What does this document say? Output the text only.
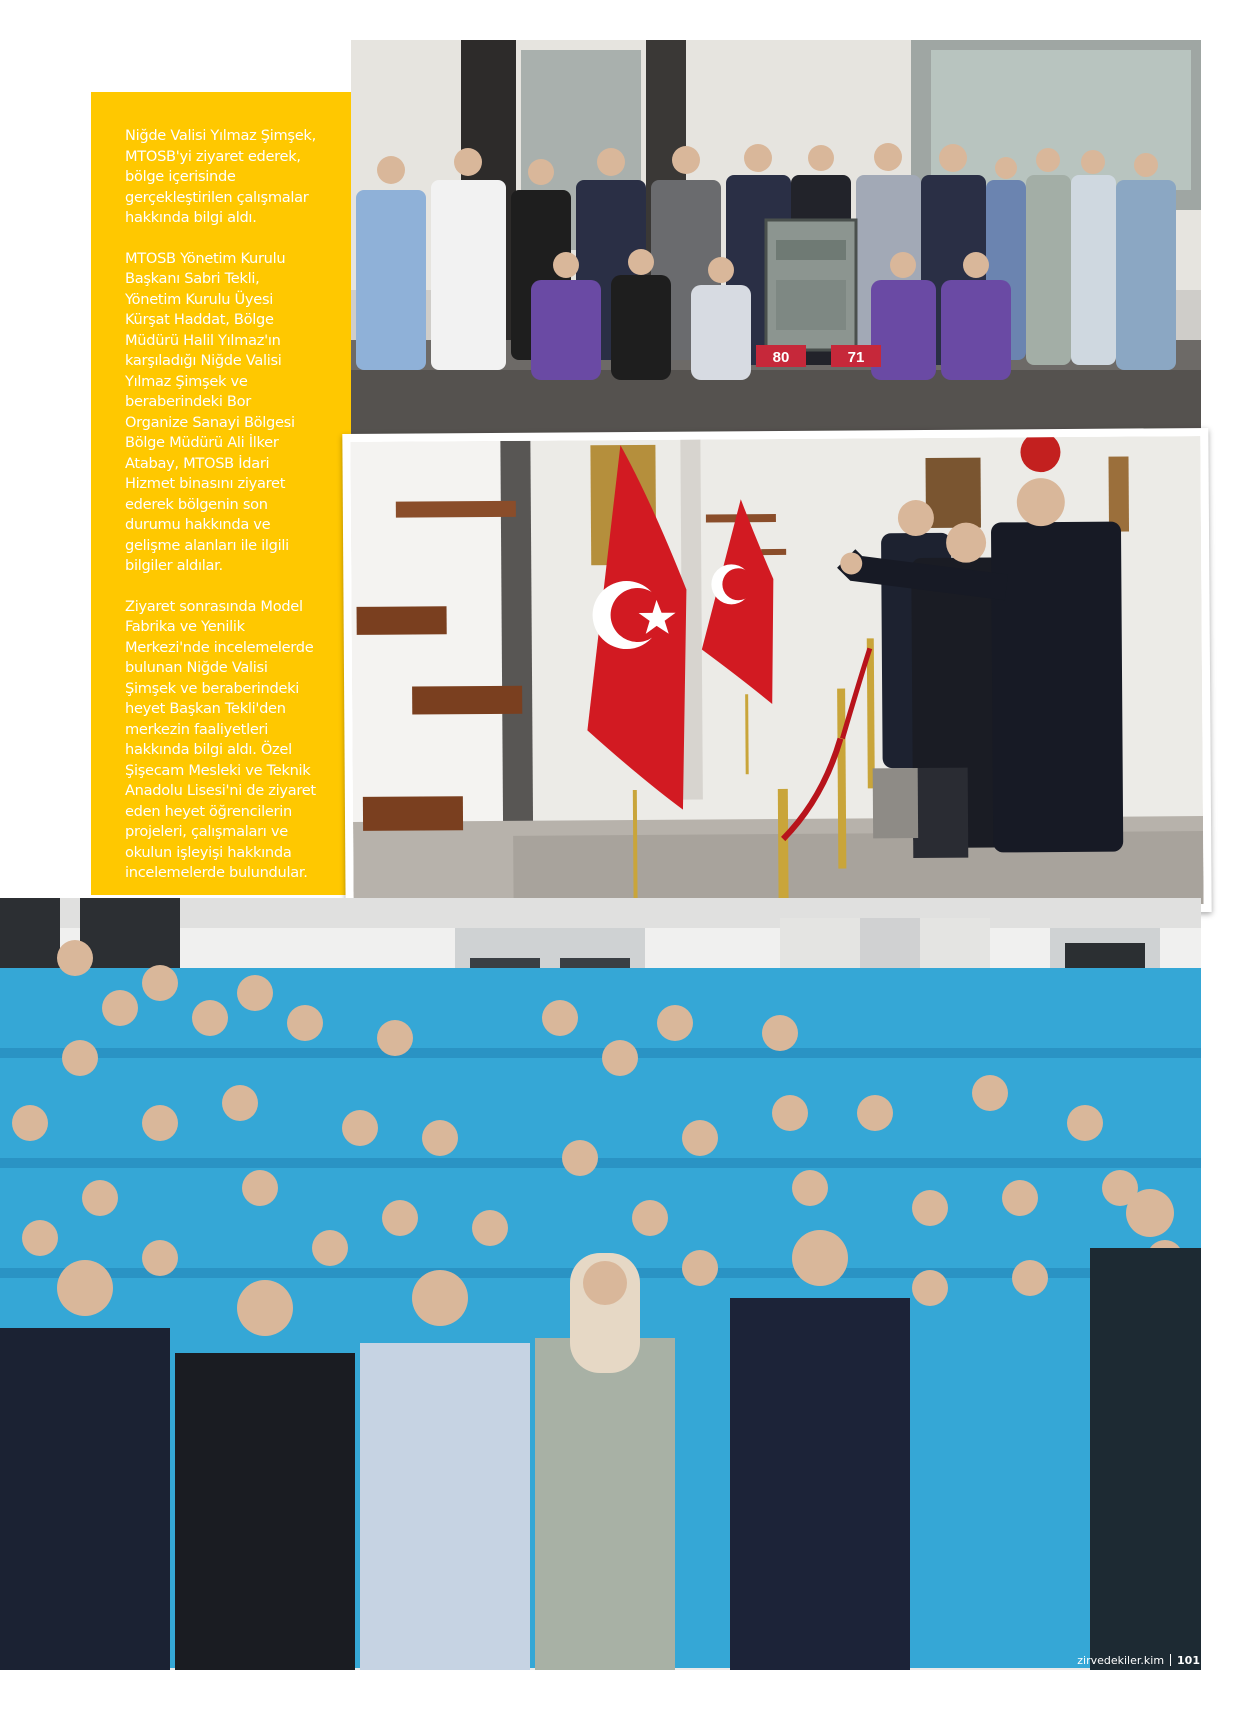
Niğde Valisi Yılmaz Şimşek, MTOSB'yi ziyaret ederek, bölge içerisinde gerçekleştirilen çalışmalar hakkında bilgi aldı.

MTOSB Yönetim Kurulu Başkanı Sabri Tekli, Yönetim Kurulu Üyesi Kürşat Haddat, Bölge Müdürü Halil Yılmaz'ın karşıladığı Niğde Valisi Yılmaz Şimşek ve beraberindeki Bor Organize Sanayi Bölgesi Bölge Müdürü Ali İlker Atabay, MTOSB İdari Hizmet binasını ziyaret ederek bölgenin son durumu hakkında ve gelişme alanları ile ilgili bilgiler aldılar.

Ziyaret sonrasında Model Fabrika ve Yenilik Merkezi'nde incelemelerde bulunan Niğde Valisi Şimşek ve beraberindeki heyet Başkan Tekli'den merkezin faaliyetleri hakkında bilgi aldı. Özel Şişecam Mesleki ve Teknik Anadolu Lisesi'ni de ziyaret eden heyet öğrencilerin projeleri, çalışmaları ve okulun işleyişi hakkında incelemelerde bulundular.

80	71
zirvedekiler.kim 101
